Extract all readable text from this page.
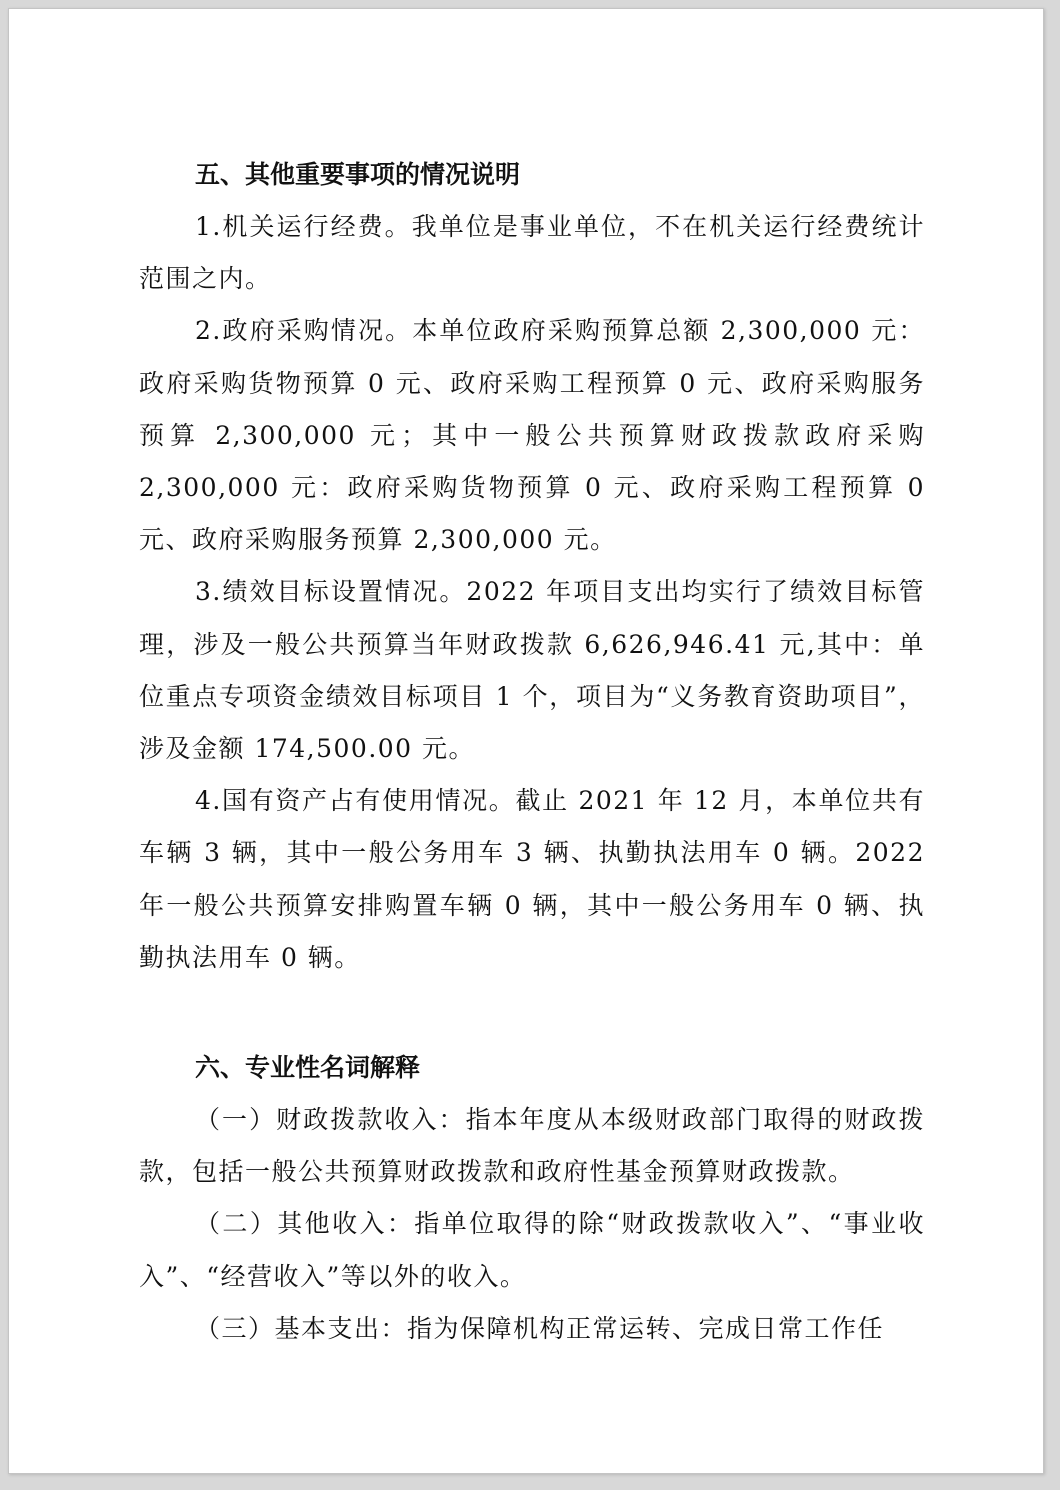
五、其他重要事项的情况说明

1.机关运行经费。我单位是事业单位，不在机关运行经费统计范围之内。

2.政府采购情况。本单位政府采购预算总额 2,300,000 元：政府采购货物预算 0 元、政府采购工程预算 0 元、政府采购服务预算 2,300,000 元；其中一般公共预算财政拨款政府采购 2,300,000 元：政府采购货物预算 0 元、政府采购工程预算 0 元、政府采购服务预算 2,300,000 元。

3.绩效目标设置情况。2022 年项目支出均实行了绩效目标管理，涉及一般公共预算当年财政拨款 6,626,946.41 元,其中：单位重点专项资金绩效目标项目 1 个，项目为“义务教育资助项目”，涉及金额 174,500.00 元。

4.国有资产占有使用情况。截止 2021 年 12 月，本单位共有车辆 3 辆，其中一般公务用车 3 辆、执勤执法用车 0 辆。2022 年一般公共预算安排购置车辆 0 辆，其中一般公务用车 0 辆、执勤执法用车 0 辆。

六、专业性名词解释

（一）财政拨款收入：指本年度从本级财政部门取得的财政拨款，包括一般公共预算财政拨款和政府性基金预算财政拨款。

（二）其他收入：指单位取得的除“财政拨款收入”、“事业收入”、“经营收入”等以外的收入。

（三）基本支出：指为保障机构正常运转、完成日常工作任
